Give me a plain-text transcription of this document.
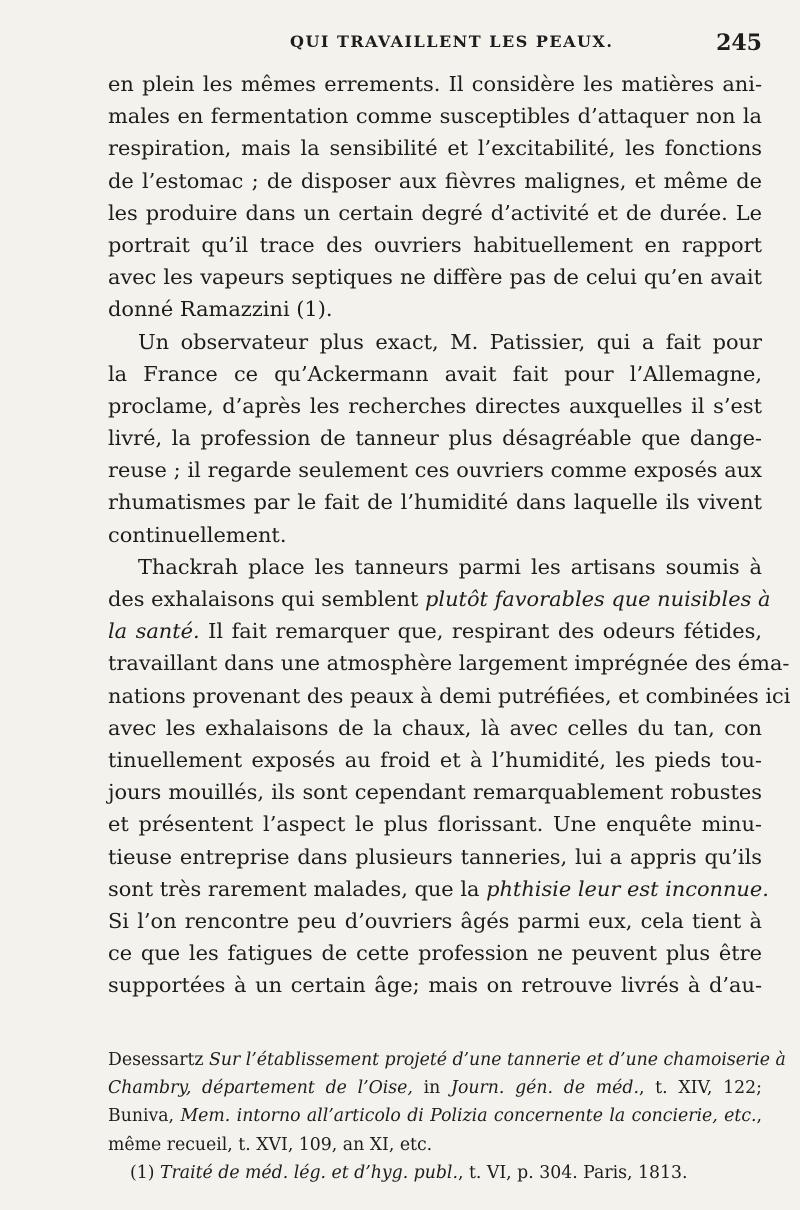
QUI TRAVAILLENT LES PEAUX.	245
en plein les mêmes errements. Il considère les matières ani-
males en fermentation comme susceptibles d’attaquer non la
respiration, mais la sensibilité et l’excitabilité, les fonctions
de l’estomac ; de disposer aux fièvres malignes, et même de
les produire dans un certain degré d’activité et de durée. Le
portrait qu’il trace des ouvriers habituellement en rapport
avec les vapeurs septiques ne diffère pas de celui qu’en avait
donné Ramazzini (1).
Un observateur plus exact, M. Patissier, qui a fait pour
la France ce qu’Ackermann avait fait pour l’Allemagne,
proclame, d’après les recherches directes auxquelles il s’est
livré, la profession de tanneur plus désagréable que dange-
reuse ; il regarde seulement ces ouvriers comme exposés aux
rhumatismes par le fait de l’humidité dans laquelle ils vivent
continuellement.
Thackrah place les tanneurs parmi les artisans soumis à
des exhalaisons qui semblent plutôt favorables que nuisibles à
la santé. Il fait remarquer que, respirant des odeurs fétides,
travaillant dans une atmosphère largement imprégnée des éma-
nations provenant des peaux à demi putréfiées, et combinées ici
avec les exhalaisons de la chaux, là avec celles du tan, con
tinuellement exposés au froid et à l’humidité, les pieds tou-
jours mouillés, ils sont cependant remarquablement robustes
et présentent l’aspect le plus florissant. Une enquête minu-
tieuse entreprise dans plusieurs tanneries, lui a appris qu’ils
sont très rarement malades, que la phthisie leur est inconnue.
Si l’on rencontre peu d’ouvriers âgés parmi eux, cela tient à
ce que les fatigues de cette profession ne peuvent plus être
supportées à un certain âge; mais on retrouve livrés à d’au-
Desessartz Sur l’établissement projeté d’une tannerie et d’une chamoiserie à
Chambry, département de l’Oise, in Journ. gén. de méd., t. XIV, 122;
Buniva, Mem. intorno all’articolo di Polizia concernente la concierie, etc.,
même recueil, t. XVI, 109, an XI, etc.
(1) Traité de méd. lég. et d’hyg. publ., t. VI, p. 304. Paris, 1813.
